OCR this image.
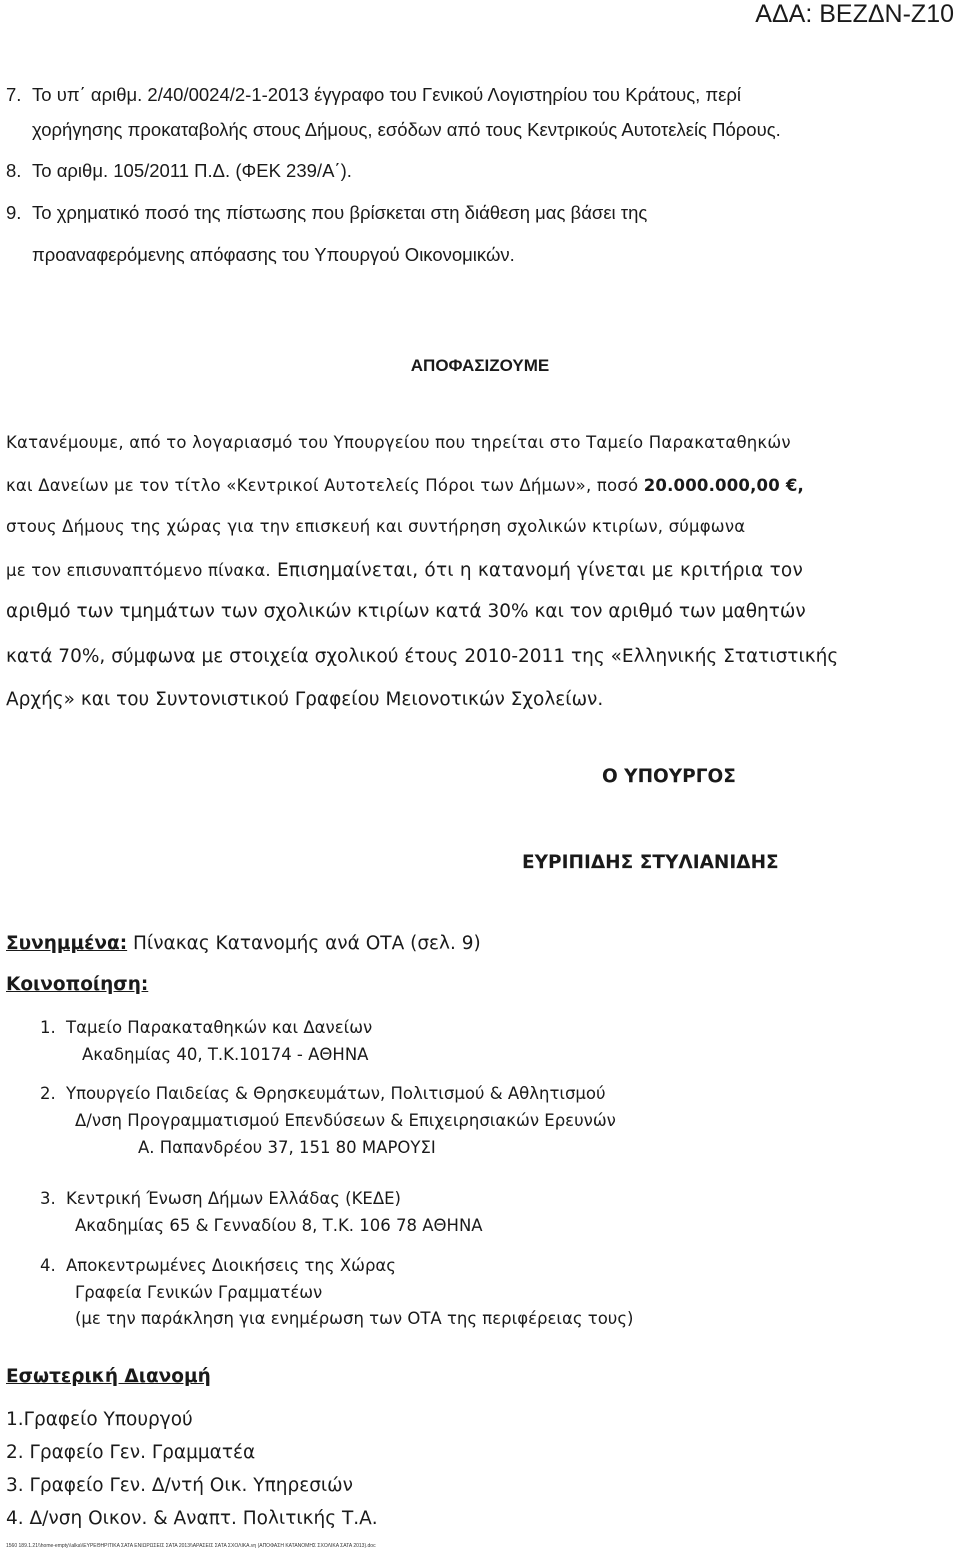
ΑΔΑ: ΒΕΖΔΝ-Ζ10
7. Το υπ΄ αριθμ. 2/40/0024/2-1-2013 έγγραφο του Γενικού Λογιστηρίου του Κράτους, περί
χορήγησης προκαταβολής στους Δήμους, εσόδων από τους Κεντρικούς Αυτοτελείς Πόρους.
8. Το αριθμ. 105/2011 Π.Δ. (ΦΕΚ 239/Α΄).
9. Το χρηματικό ποσό της πίστωσης που βρίσκεται στη διάθεση μας βάσει της
προαναφερόμενης απόφασης του Υπουργού Οικονομικών.
ΑΠΟΦΑΣΙΖΟΥΜΕ
Κατανέμουμε, από το λογαριασμό του Υπουργείου που τηρείται στο Ταμείο Παρακαταθηκών
και Δανείων με τον τίτλο «Κεντρικοί Αυτοτελείς Πόροι των Δήμων», ποσό 20.000.000,00 €,
στους Δήμους της χώρας για την επισκευή και συντήρηση σχολικών κτιρίων, σύμφωνα
με τον επισυναπτόμενο πίνακα. Επισημαίνεται, ότι η κατανομή γίνεται με κριτήρια τον
αριθμό των τμημάτων των σχολικών κτιρίων κατά 30% και τον αριθμό των μαθητών
κατά 70%, σύμφωνα με στοιχεία σχολικού έτους 2010-2011 της «Ελληνικής Στατιστικής
Αρχής» και του Συντονιστικού Γραφείου Μειονοτικών Σχολείων.
Ο ΥΠΟΥΡΓΟΣ
ΕΥΡΙΠΙΔΗΣ ΣΤΥΛΙΑΝΙΔΗΣ
Συνημμένα: Πίνακας Κατανομής ανά ΟΤΑ (σελ. 9)
Κοινοποίηση:
1. Ταμείο Παρακαταθηκών και Δανείων
Ακαδημίας 40, Τ.Κ.10174 - ΑΘΗΝΑ
2. Υπουργείο Παιδείας & Θρησκευμάτων, Πολιτισμού & Αθλητισμού
Δ/νση Προγραμματισμού Επενδύσεων & Επιχειρησιακών Ερευνών
Α. Παπανδρέου 37, 151 80 ΜΑΡΟΥΣΙ
3. Κεντρική Ένωση Δήμων Ελλάδας (ΚΕΔΕ)
Ακαδημίας 65 & Γενναδίου 8, Τ.Κ. 106 78 ΑΘΗΝΑ
4. Αποκεντρωμένες Διοικήσεις της Χώρας
Γραφεία Γενικών Γραμματέων
(με την παράκληση για ενημέρωση των ΟΤΑ της περιφέρειας τους)
Εσωτερική Διανομή
1.Γραφείο Υπουργού
2. Γραφείο Γεν. Γραμματέα
3. Γραφείο Γεν. Δ/ντή Οικ. Υπηρεσιών
4. Δ/νση Οικον. & Αναπτ. Πολιτικής Τ.Α.
1560 189.1.21\\home-empty\\alka\\ΕΥΡΕΘΗΡΙΤΙΚΑ ΣΑΤΑ ΕΝΙΩΡΩΣΕΙΣ ΣΑΤΑ 2013\\ΑΡΑΣΕΙΣ ΣΑΤΑ ΣΧΟΛΙΚΑ.νη (ΑΠΟΦΑΣΗ ΚΑΤΑΝΟΜΗΣ ΣΧΟΛΙΚΑ ΣΑΤΑ 2013).doc
